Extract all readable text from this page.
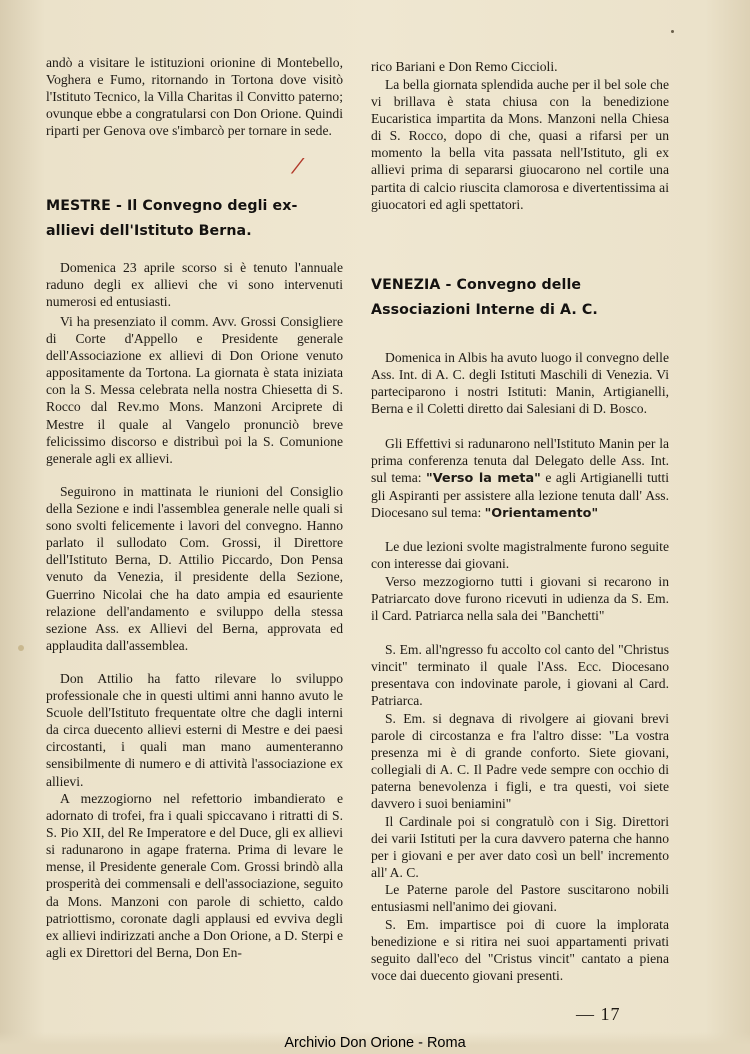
andò a visitare le istituzioni orionine di Montebello, Voghera e Fumo, ritornando in Tortona dove visitò l'Istituto Tecnico, la Villa Charitas il Convitto paterno; ovunque ebbe a congratularsi con Don Orione. Quindi riparti per Genova ove s'imbarcò per tornare in sede.

MESTRE - Il Convegno degli ex-allievi dell'Istituto Berna.

Domenica 23 aprile scorso si è tenuto l'annuale raduno degli ex allievi che vi sono intervenuti numerosi ed entusiasti.

Vi ha presenziato il comm. Avv. Grossi Consigliere di Corte d'Appello e Presidente generale dell'Associazione ex allievi di Don Orione venuto appositamente da Tortona. La giornata è stata iniziata con la S. Messa celebrata nella nostra Chiesetta di S. Rocco dal Rev.mo Mons. Manzoni Arciprete di Mestre il quale al Vangelo pronunciò breve felicissimo discorso e distribuì poi la S. Comunione generale agli ex allievi.

Seguirono in mattinata le riunioni del Consiglio della Sezione e indi l'assemblea generale nelle quali si sono svolti felicemente i lavori del convegno. Hanno parlato il sullodato Com. Grossi, il Direttore dell'Istituto Berna, D. Attilio Piccardo, Don Pensa venuto da Venezia, il presidente della Sezione, Guerrino Nicolai che ha dato ampia ed esauriente relazione dell'andamento e sviluppo della stessa sezione Ass. ex Allievi del Berna, approvata ed applaudita dall'assemblea.

Don Attilio ha fatto rilevare lo sviluppo professionale che in questi ultimi anni hanno avuto le Scuole dell'Istituto frequentate oltre che dagli interni da circa duecento allievi esterni di Mestre e dei paesi circostanti, i quali man mano aumenteranno sensibilmente di numero e di attività l'associazione ex allievi.

A mezzogiorno nel refettorio imbandierato e adornato di trofei, fra i quali spiccavano i ritratti di S. S. Pio XII, del Re Imperatore e del Duce, gli ex allievi si radunarono in agape fraterna. Prima di levare le mense, il Presidente generale Com. Grossi brindò alla prosperità dei commensali e dell'associazione, seguito da Mons. Manzoni con parole di schietto, caldo patriottismo, coronate dagli applausi ed evviva degli ex allievi indirizzati anche a Don Orione, a D. Sterpi e agli ex Direttori del Berna, Don En-

⁄

rico Bariani e Don Remo Ciccioli.

La bella giornata splendida auche per il bel sole che vi brillava è stata chiusa con la benedizione Eucaristica impartita da Mons. Manzoni nella Chiesa di S. Rocco, dopo di che, quasi a rifarsi per un momento la bella vita passata nell'Istituto, gli ex allievi prima di separarsi giuocarono nel cortile una partita di calcio riuscita clamorosa e divertentissima ai giuocatori ed agli spettatori.

VENEZIA - Convegno delle Associazioni Interne di A. C.

Domenica in Albis ha avuto luogo il convegno delle Ass. Int. di A. C. degli Istituti Maschili di Venezia. Vi parteciparono i nostri Istituti: Manin, Artigianelli, Berna e il Coletti diretto dai Salesiani di D. Bosco.

Gli Effettivi si radunarono nell'Istituto Manin per la prima conferenza tenuta dal Delegato delle Ass. Int. sul tema: "Verso la meta" e agli Artigianelli tutti gli Aspiranti per assistere alla lezione tenuta dall' Ass. Diocesano sul tema: "Orientamento"

Le due lezioni svolte magistralmente furono seguite con interesse dai giovani.

Verso mezzogiorno tutti i giovani si recarono in Patriarcato dove furono ricevuti in udienza da S. Em. il Card. Patriarca nella sala dei "Banchetti"

S. Em. all'ngresso fu accolto col canto del "Christus vincit" terminato il quale l'Ass. Ecc. Diocesano presentava con indovinate parole, i giovani al Card. Patriarca.

S. Em. si degnava di rivolgere ai giovani brevi parole di circostanza e fra l'altro disse: "La vostra presenza mi è di grande conforto. Siete giovani, collegiali di A. C. Il Padre vede sempre con occhio di paterna benevolenza i figli, e tra questi, voi siete davvero i suoi beniamini"

Il Cardinale poi si congratulò con i Sig. Direttori dei varii Istituti per la cura davvero paterna che hanno per i giovani e per aver dato così un bell' incremento all' A. C.

Le Paterne parole del Pastore suscitarono nobili entusiasmi nell'animo dei giovani.

S. Em. impartisce poi di cuore la implorata benedizione e si ritira nei suoi appartamenti privati seguito dall'eco del "Cristus vincit" cantato a piena voce dai duecento giovani presenti.

— 17
Archivio Don Orione - Roma
